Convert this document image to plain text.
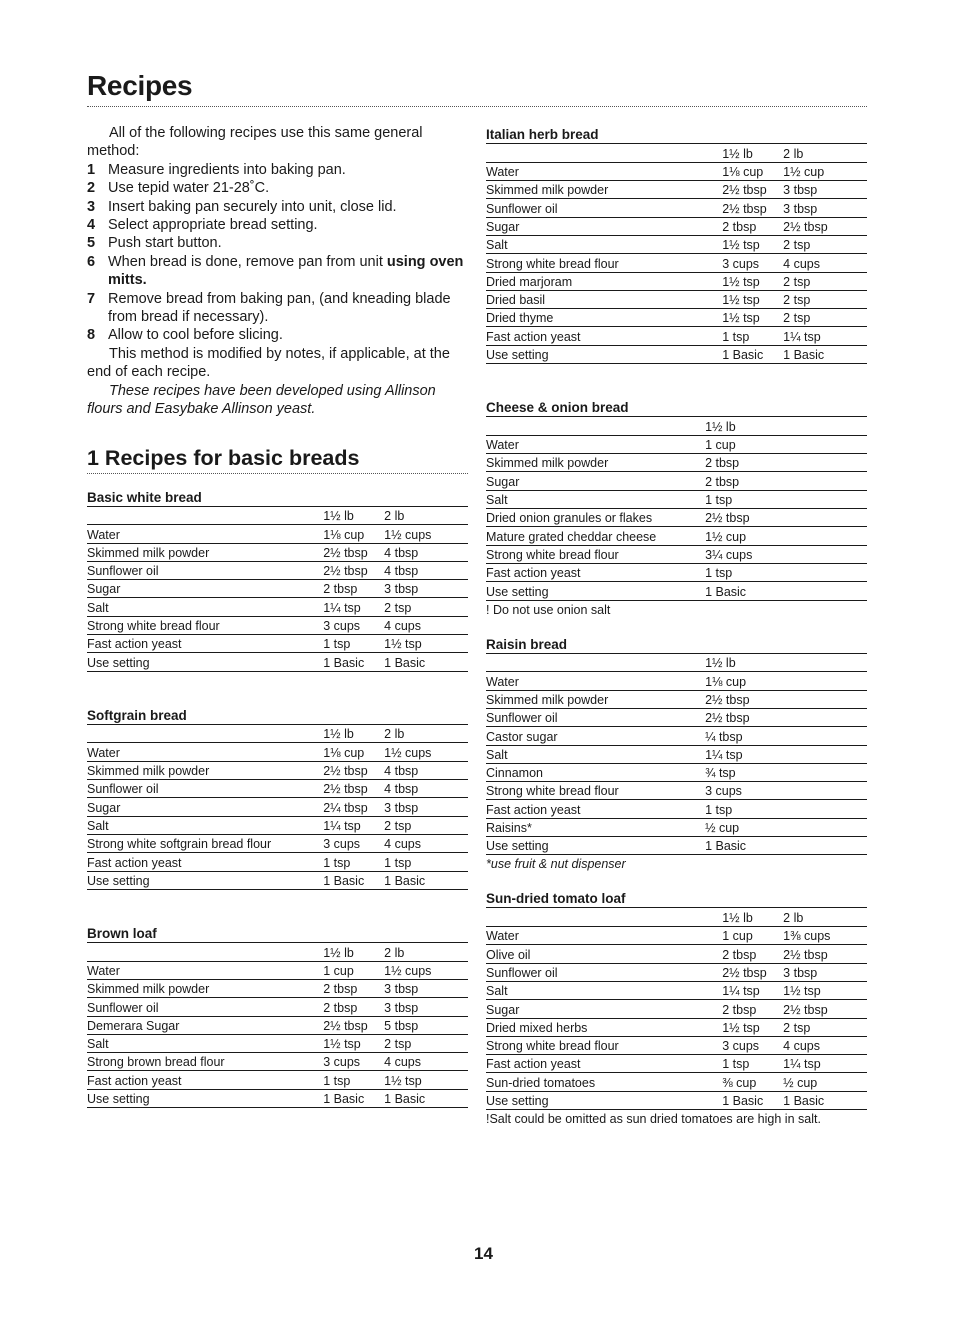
Recipes

All of the following recipes use this same general method:

1 Measure ingredients into baking pan.
2 Use tepid water 21-28˚C.
3 Insert baking pan securely into unit, close lid.
4 Select appropriate bread setting.
5 Push start button.
6 When bread is done, remove pan from unit using oven mitts.
7 Remove bread from baking pan, (and kneading blade from bread if necessary).
8 Allow to cool before slicing.

This method is modified by notes, if applicable, at the end of each recipe.

These recipes have been developed using Allinson flours and Easybake Allinson yeast.

1 Recipes for basic breads
Basic white bread
	1½ lb	2 lb
Water	1⅛ cup	1½ cups
Skimmed milk powder	2½ tbsp	4 tbsp
Sunflower oil	2½ tbsp	4 tbsp
Sugar	2 tbsp	3 tbsp
Salt	1¼ tsp	2 tsp
Strong white bread flour	3 cups	4 cups
Fast action yeast	1 tsp	1½ tsp
Use setting	1 Basic	1 Basic
Softgrain bread
	1½ lb	2 lb
Water	1⅛ cup	1½ cups
Skimmed milk powder	2½ tbsp	4 tbsp
Sunflower oil	2½ tbsp	4 tbsp
Sugar	2¼ tbsp	3 tbsp
Salt	1¼ tsp	2 tsp
Strong white softgrain bread flour	3 cups	4 cups
Fast action yeast	1 tsp	1 tsp
Use setting	1 Basic	1 Basic
Brown loaf
	1½ lb	2 lb
Water	1 cup	1½ cups
Skimmed milk powder	2 tbsp	3 tbsp
Sunflower oil	2 tbsp	3 tbsp
Demerara Sugar	2½ tbsp	5 tbsp
Salt	1½ tsp	2 tsp
Strong brown bread flour	3 cups	4 cups
Fast action yeast	1 tsp	1½ tsp
Use setting	1 Basic	1 Basic
Italian herb bread
	1½ lb	2 lb
Water	1⅛ cup	1½ cup
Skimmed milk powder	2½ tbsp	3 tbsp
Sunflower oil	2½ tbsp	3 tbsp
Sugar	2 tbsp	2½ tbsp
Salt	1½ tsp	2 tsp
Strong white bread flour	3 cups	4 cups
Dried marjoram	1½ tsp	2 tsp
Dried basil	1½ tsp	2 tsp
Dried thyme	1½ tsp	2 tsp
Fast action yeast	1 tsp	1¼ tsp
Use setting	1 Basic	1 Basic
Cheese & onion bread
	1½ lb
Water	1 cup
Skimmed milk powder	2 tbsp
Sugar	2 tbsp
Salt	1 tsp
Dried onion granules or flakes	2½ tbsp
Mature grated cheddar cheese	1½ cup
Strong white bread flour	3¼ cups
Fast action yeast	1 tsp
Use setting	1 Basic
! Do not use onion salt
Raisin bread
	1½ lb
Water	1⅛ cup
Skimmed milk powder	2½ tbsp
Sunflower oil	2½ tbsp
Castor sugar	¼ tbsp
Salt	1¼ tsp
Cinnamon	¾ tsp
Strong white bread flour	3 cups
Fast action yeast	1 tsp
Raisins*	½ cup
Use setting	1 Basic
*use fruit & nut dispenser
Sun-dried tomato loaf
	1½ lb	2 lb
Water	1 cup	1⅜ cups
Olive oil	2 tbsp	2½ tbsp
Sunflower oil	2½ tbsp	3 tbsp
Salt	1¼ tsp	1½ tsp
Sugar	2 tbsp	2½ tbsp
Dried mixed herbs	1½ tsp	2 tsp
Strong white bread flour	3 cups	4 cups
Fast action yeast	1 tsp	1¼ tsp
Sun-dried tomatoes	⅜ cup	½ cup
Use setting	1 Basic	1 Basic
!Salt could be omitted as sun dried tomatoes are high in salt.
14
